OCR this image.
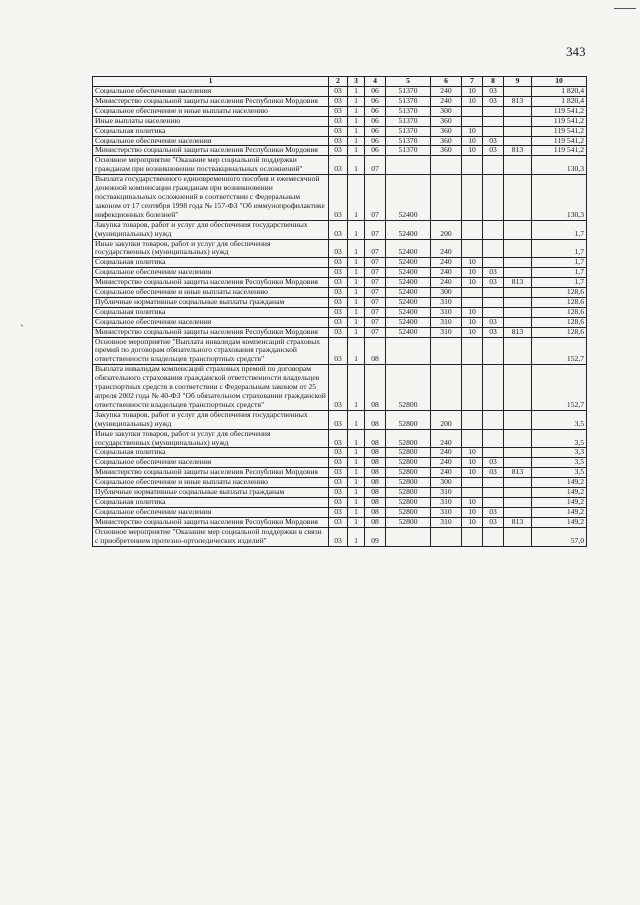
343
ˏ
1	2	3	4	5	6	7	8	9	10
Социальное обеспечение населения	03	1	06	51370	240	10	03		1 820,4
Министерство социальной защиты населения Республики Мордовия	03	1	06	51370	240	10	03	813	1 820,4
Социальное обеспечение и иные выплаты населению	03	1	06	51370	300				119 541,2
Иные выплаты населению	03	1	06	51370	360				119 541,2
Социальная политика	03	1	06	51370	360	10			119 541,2
Социальное обеспечение населения	03	1	06	51370	360	10	03		119 541,2
Министерство социальной защиты населения Республики Мордовия	03	1	06	51370	360	10	03	813	119 541,2
Основное мероприятие "Оказание мер социальной поддержки гражданам при возникновении поствакцинальных осложнений"	03	1	07						130,3
Выплата государственного единовременного пособия и ежемесячной денежной компенсации гражданам при возникновении поствакцинальных осложнений в соответствии с Федеральным законом от 17 сентября 1998 года № 157-ФЗ "Об иммунопрофилактике инфекционных болезней"	03	1	07	52400					130,3
Закупка товаров, работ и услуг для обеспечения государственных (муниципальных) нужд	03	1	07	52400	200				1,7
Иные закупки товаров, работ и услуг для обеспечения государственных (муниципальных) нужд	03	1	07	52400	240				1,7
Социальная политика	03	1	07	52400	240	10			1,7
Социальное обеспечение населения	03	1	07	52400	240	10	03		1,7
Министерство социальной защиты населения Республики Мордовия	03	1	07	52400	240	10	03	813	1,7
Социальное обеспечение и иные выплаты населению	03	1	07	52400	300				128,6
Публичные нормативные социальные выплаты гражданам	03	1	07	52400	310				128,6
Социальная политика	03	1	07	52400	310	10			128,6
Социальное обеспечение населения	03	1	07	52400	310	10	03		128,6
Министерство социальной защиты населения Республики Мордовия	03	1	07	52400	310	10	03	813	128,6
Основное мероприятие "Выплата инвалидам компенсаций страховых премий по договорам обязательного страхования гражданской ответственности владельцев транспортных средств"	03	1	08						152,7
Выплата инвалидам компенсаций страховых премий по договорам обязательного страхования гражданской ответственности владельцев транспортных средств в соответствии с Федеральным законом от 25 апреля 2002 года № 40-ФЗ "Об обязательном страховании гражданской ответственности владельцев транспортных средств"	03	1	08	52800					152,7
Закупка товаров, работ и услуг для обеспечения государственных (муниципальных) нужд	03	1	08	52800	200				3,5
Иные закупки товаров, работ и услуг для обеспечения государственных (муниципальных) нужд	03	1	08	52800	240				3,5
Социальная политика	03	1	08	52800	240	10			3,3
Социальное обеспечение населения	03	1	08	52800	240	10	03		3,5
Министерство социальной защиты населения Республики Мордовия	03	1	08	52800	240	10	03	813	3,5
Социальное обеспечение и иные выплаты населению	03	1	08	52800	300				149,2
Публичные нормативные социальные выплаты гражданам	03	1	08	52800	310				149,2
Социальная политика	03	1	08	52800	310	10			149,2
Социальное обеспечение населения	03	1	08	52800	310	10	03		149,2
Министерство социальной защиты населения Республики Мордовия	03	1	08	52800	310	10	03	813	149,2
Основное мероприятие "Оказание мер социальной поддержки в связи с приобретением протезно-ортопедических изделий"	03	1	09						57,0
